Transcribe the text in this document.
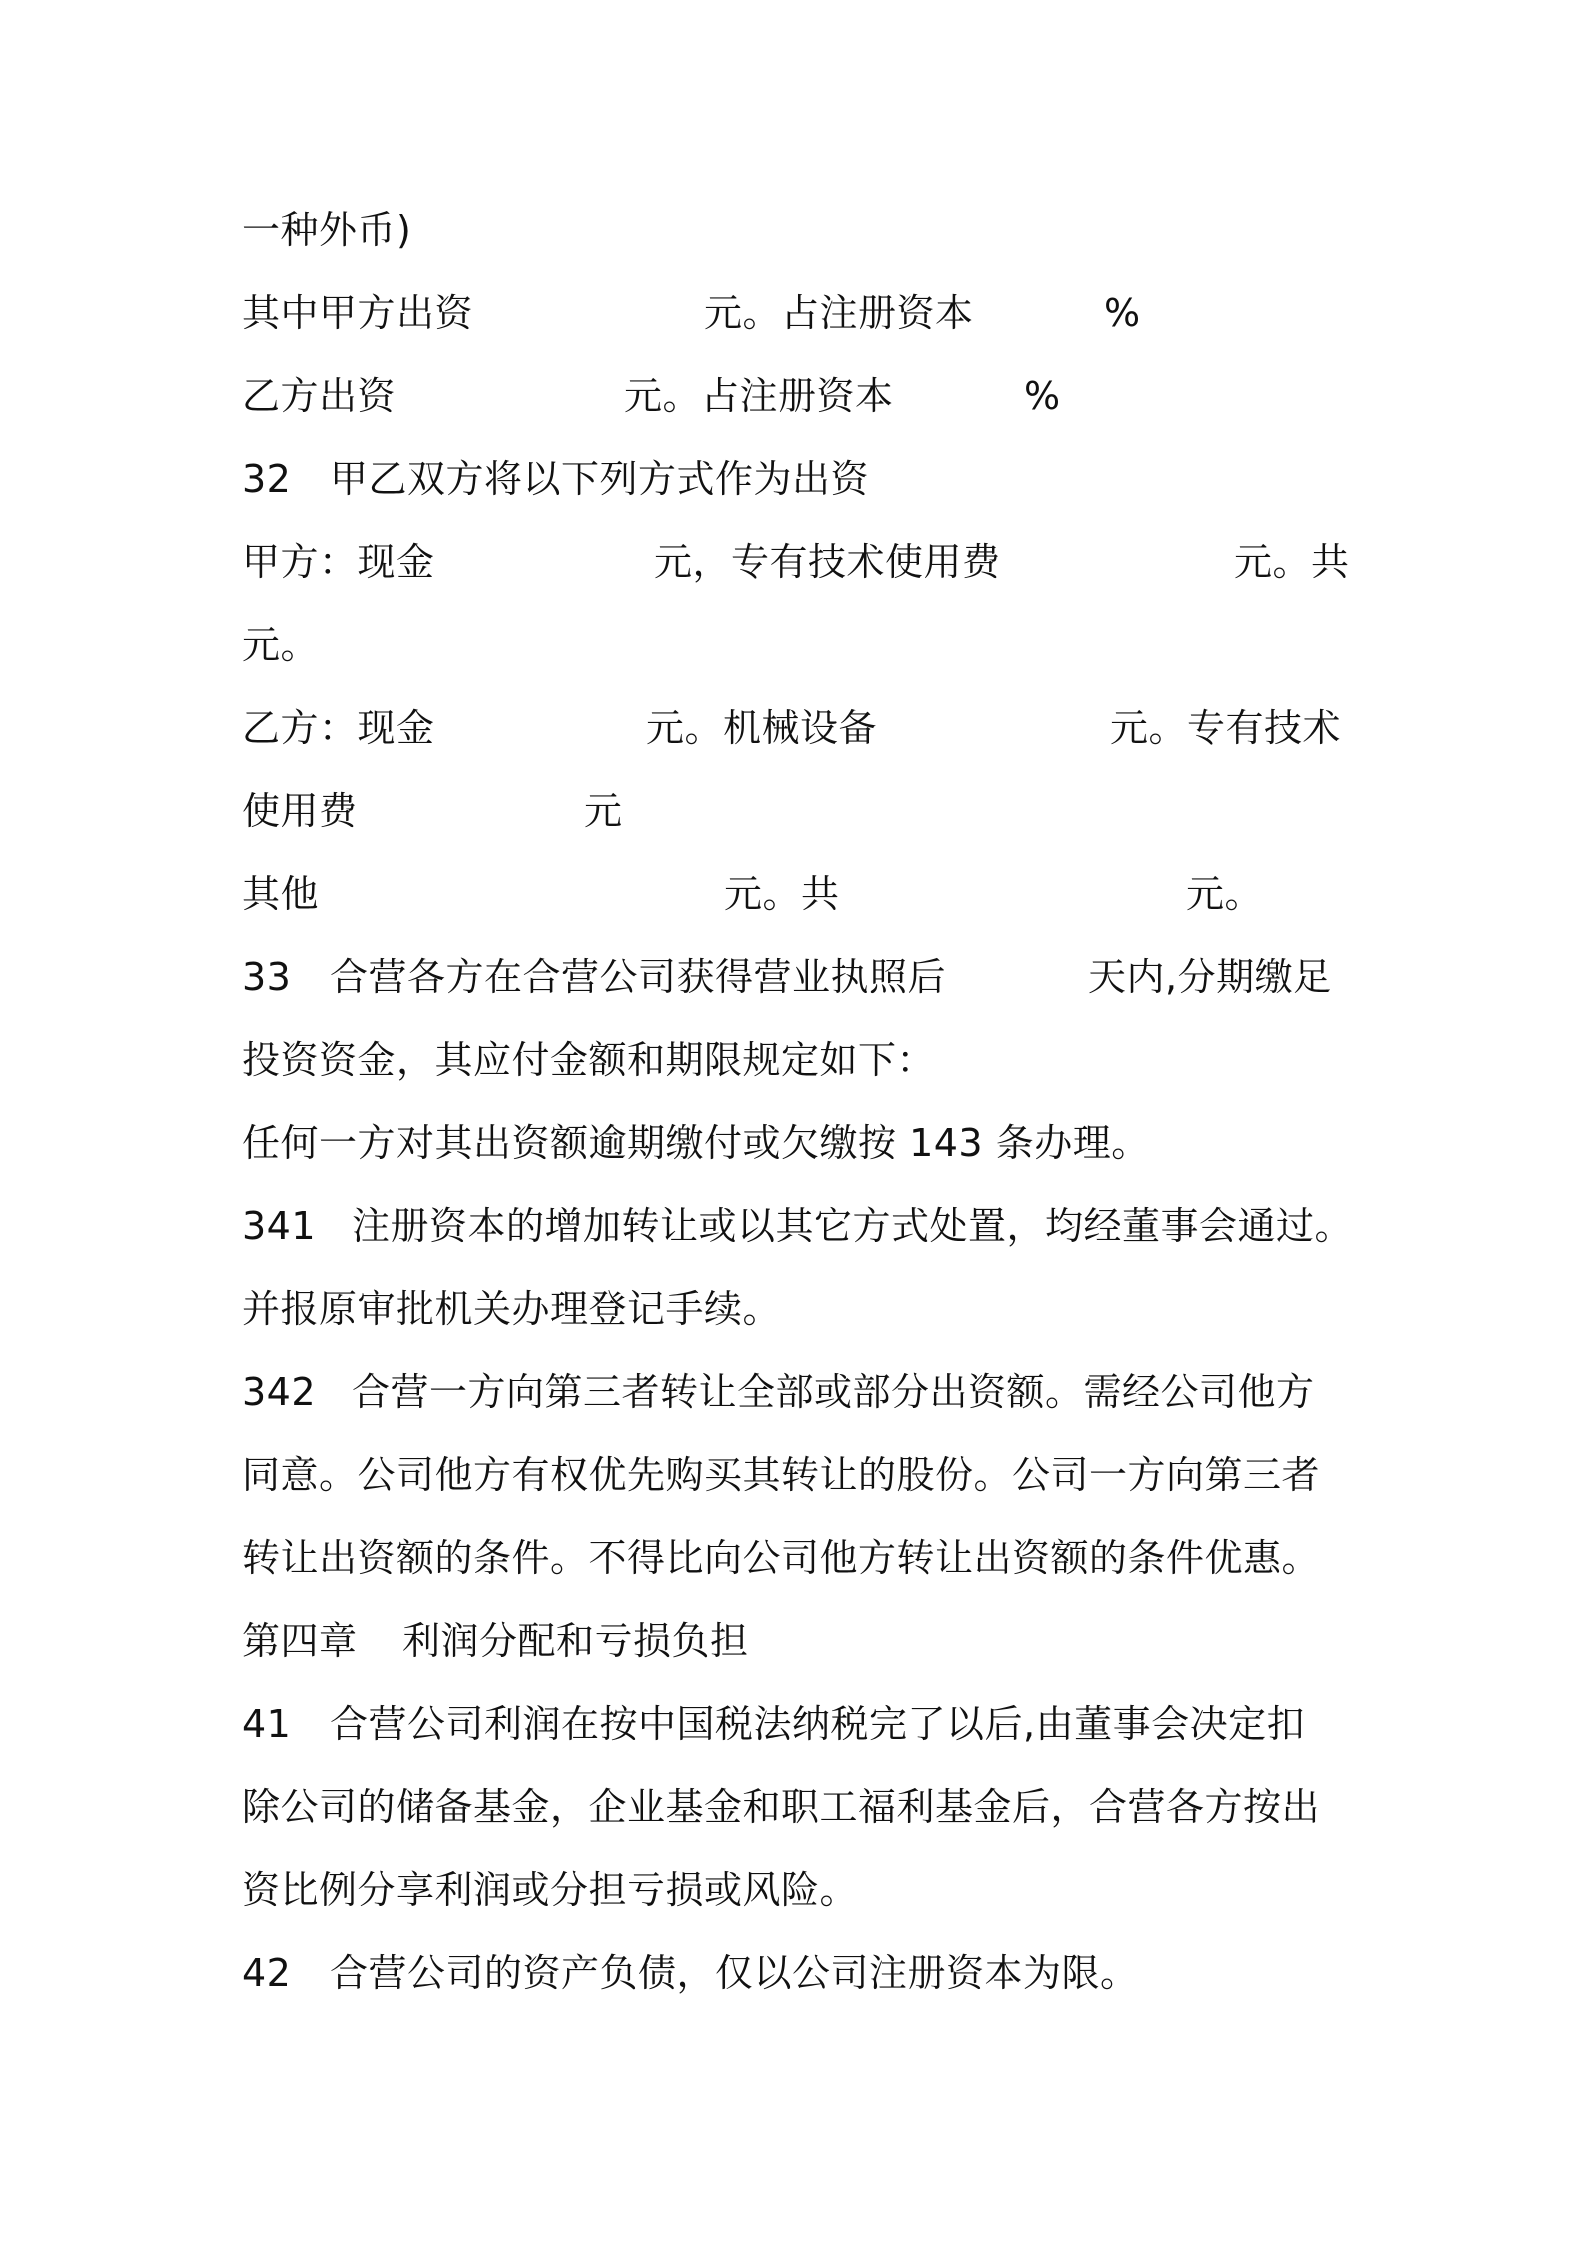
一种外币)
其中甲方出资	元。占注册资本	%
乙方出资	元。占注册资本	%
32 甲乙双方将以下列方式作为出资
甲方：现金	元，专有技术使用费	元。共
元。
乙方：现金	元。机械设备	元。专有技术
使用费	元
其他	元。共	元。
33 合营各方在合营公司获得营业执照后	天内,分期缴足
投资资金，其应付金额和期限规定如下：
任何一方对其出资额逾期缴付或欠缴按 143 条办理。
341 注册资本的增加转让或以其它方式处置，均经董事会通过。
并报原审批机关办理登记手续。
342 合营一方向第三者转让全部或部分出资额。需经公司他方
同意。公司他方有权优先购买其转让的股份。公司一方向第三者
转让出资额的条件。不得比向公司他方转让出资额的条件优惠。
第四章 利润分配和亏损负担
41 合营公司利润在按中国税法纳税完了以后,由董事会决定扣
除公司的储备基金，企业基金和职工福利基金后，合营各方按出
资比例分享利润或分担亏损或风险。
42 合营公司的资产负债，仅以公司注册资本为限。
